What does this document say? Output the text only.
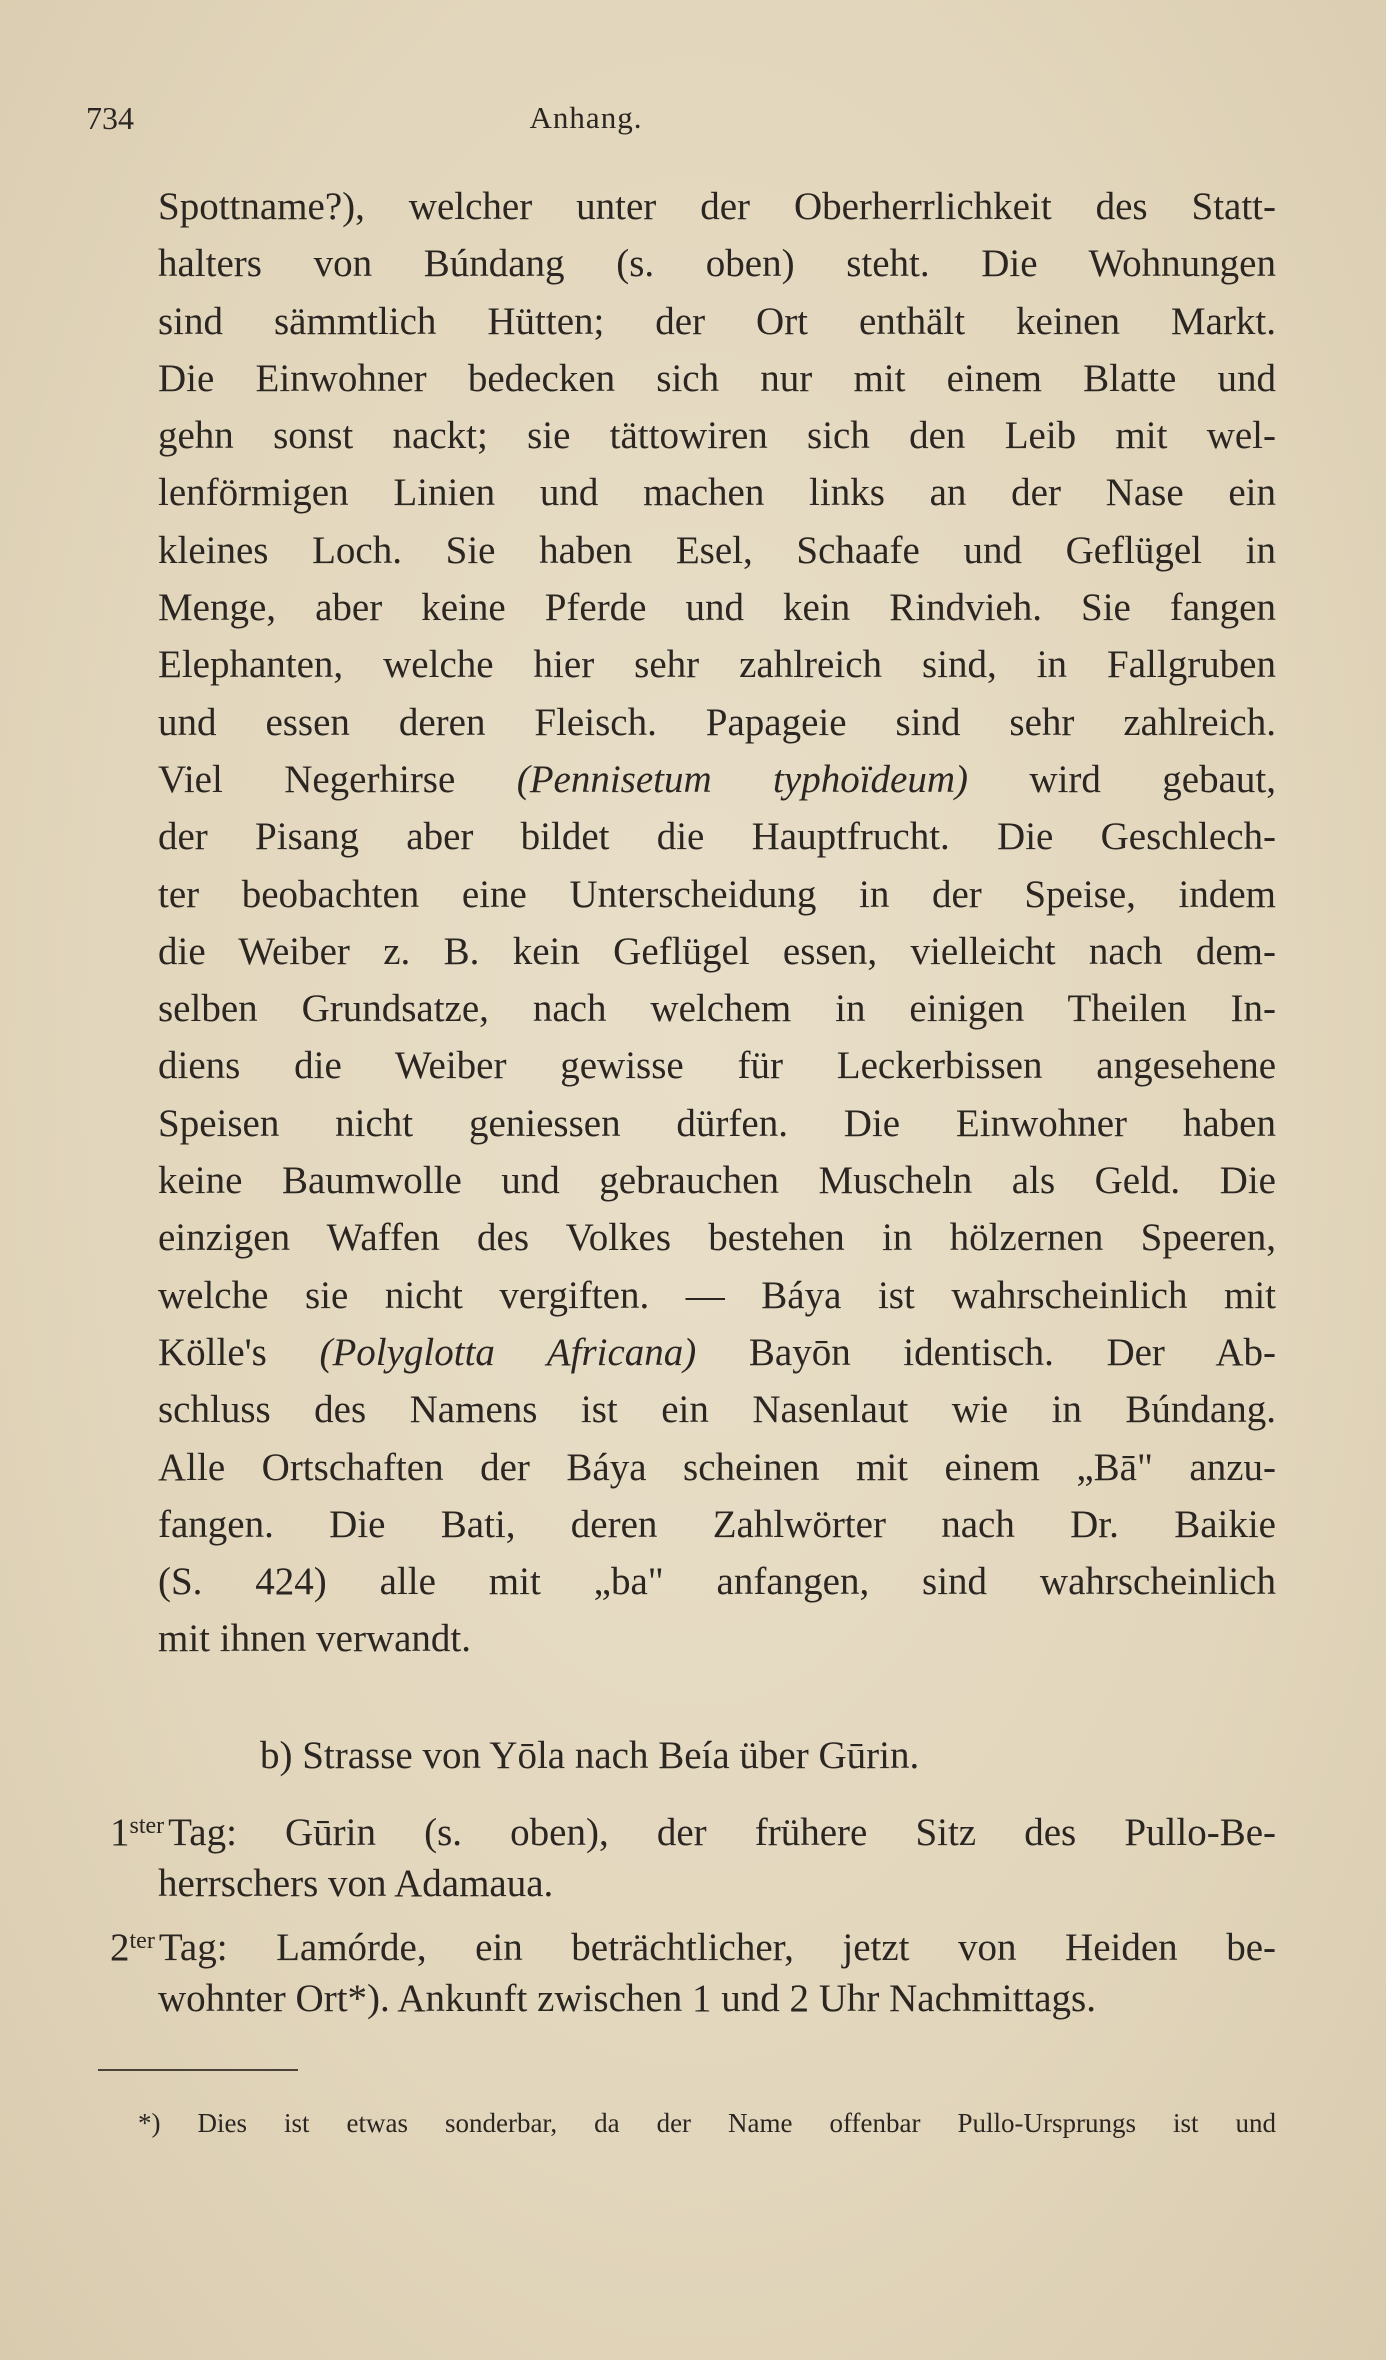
734	Anhang.
Spottname?), welcher unter der Oberherrlichkeit des Statt-
halters von Búndang (s. oben) steht. Die Wohnungen
sind sämmtlich Hütten; der Ort enthält keinen Markt.
Die Einwohner bedecken sich nur mit einem Blatte und
gehn sonst nackt; sie tättowiren sich den Leib mit wel-
lenförmigen Linien und machen links an der Nase ein
kleines Loch. Sie haben Esel, Schaafe und Geflügel in
Menge, aber keine Pferde und kein Rindvieh. Sie fangen
Elephanten, welche hier sehr zahlreich sind, in Fallgruben
und essen deren Fleisch. Papageie sind sehr zahlreich.
Viel Negerhirse (Pennisetum typhoïdeum) wird gebaut,
der Pisang aber bildet die Hauptfrucht. Die Geschlech-
ter beobachten eine Unterscheidung in der Speise, indem
die Weiber z. B. kein Geflügel essen, vielleicht nach dem-
selben Grundsatze, nach welchem in einigen Theilen In-
diens die Weiber gewisse für Leckerbissen angesehene
Speisen nicht geniessen dürfen. Die Einwohner haben
keine Baumwolle und gebrauchen Muscheln als Geld. Die
einzigen Waffen des Volkes bestehen in hölzernen Speeren,
welche sie nicht vergiften. — Báya ist wahrscheinlich mit
Kölle's (Polyglotta Africana) Bayōn identisch. Der Ab-
schluss des Namens ist ein Nasenlaut wie in Búndang.
Alle Ortschaften der Báya scheinen mit einem „Bā" anzu-
fangen. Die Bati, deren Zahlwörter nach Dr. Baikie
(S. 424) alle mit „ba" anfangen, sind wahrscheinlich
mit ihnen verwandt.
b) Strasse von Yōla nach Beía über Gūrin.
$1^{ster}$ Tag: Gūrin (s. oben), der frühere Sitz des Pullo-Be-
herrschers von Adamaua.
$2^{ter}$ Tag: Lamórde, ein beträchtlicher, jetzt von Heiden be-
wohnter Ort*). Ankunft zwischen 1 und 2 Uhr Nachmittags.
*) Dies ist etwas sonderbar, da der Name offenbar Pullo-Ursprungs ist und
